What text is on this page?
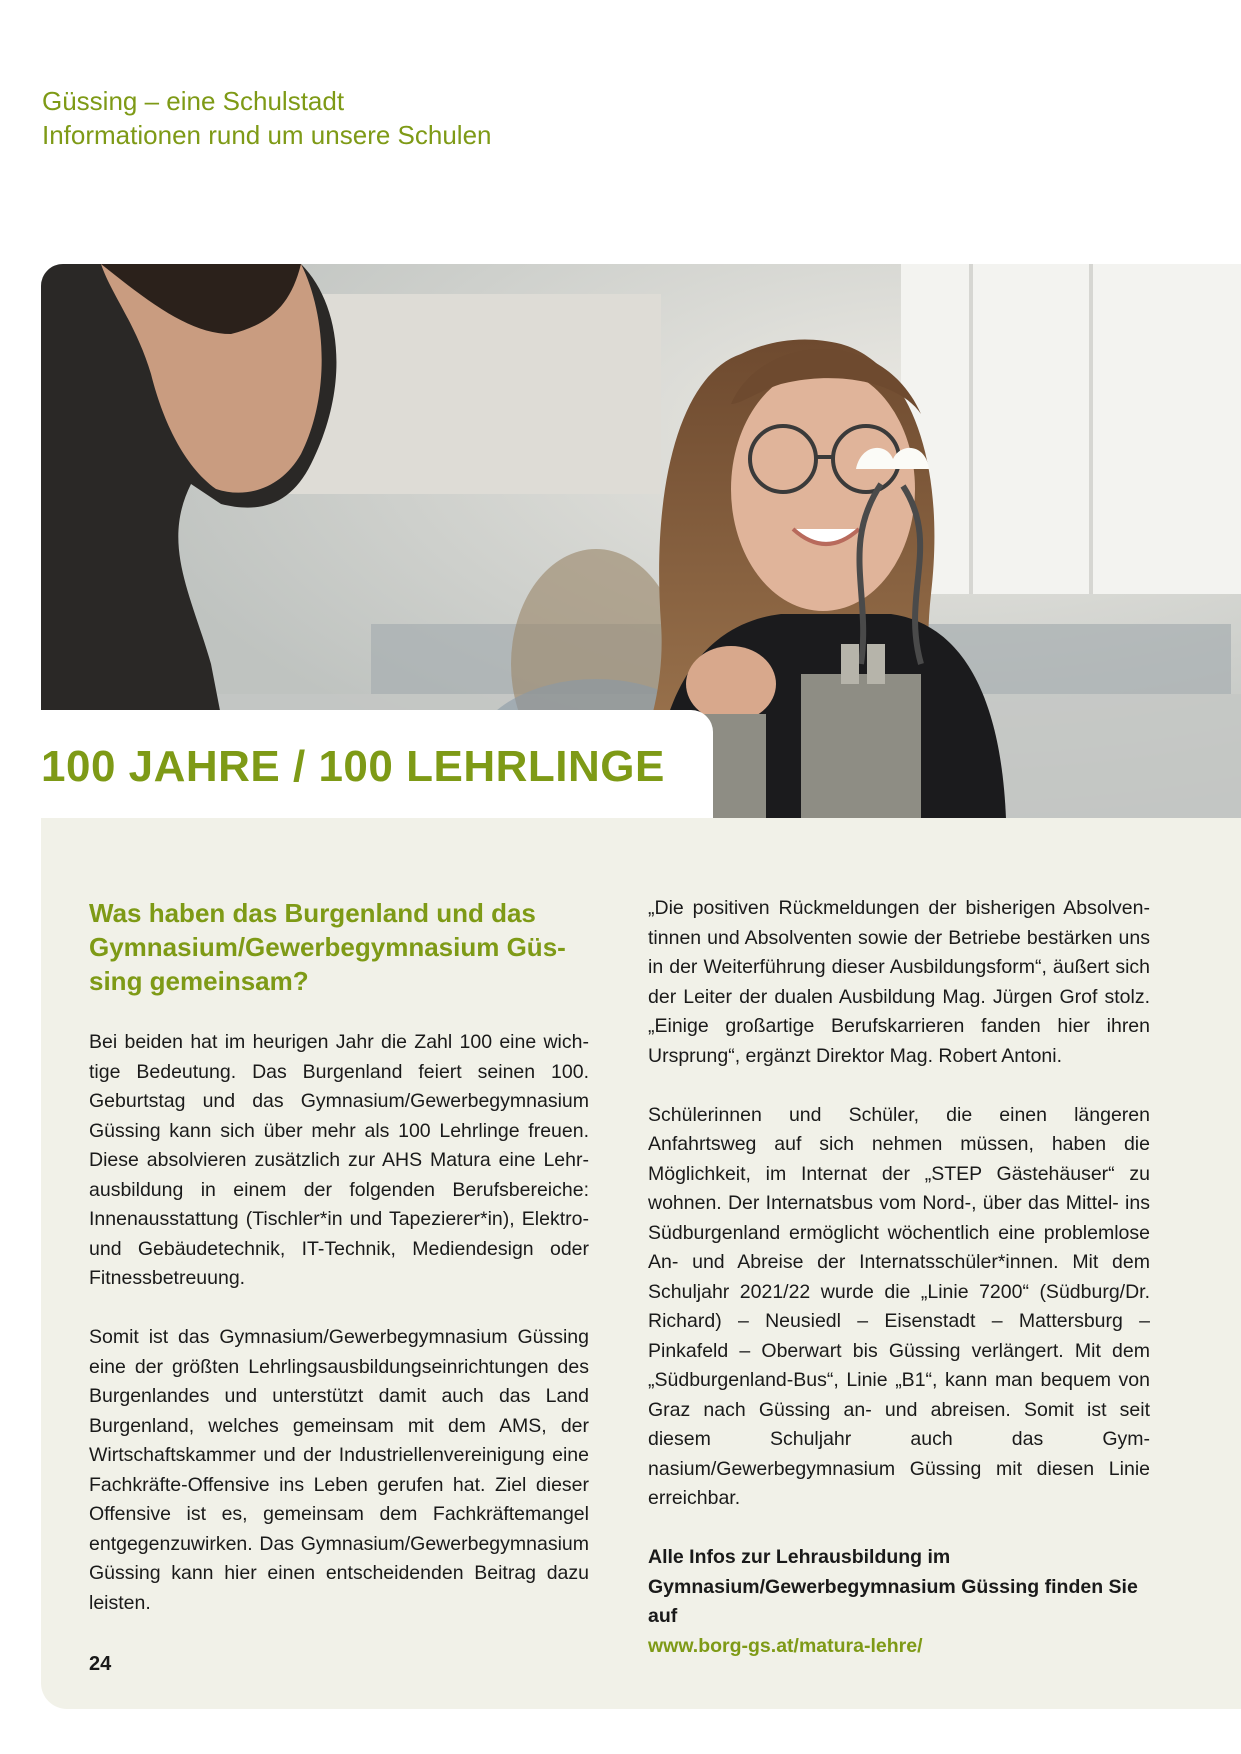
Güssing – eine Schulstadt
Informationen rund um unsere Schulen
100 JAHRE / 100 LEHRLINGE
Was haben das Burgenland und das Gymnasium/Gewerbegymnasium Güssing gemeinsam?

Bei beiden hat im heurigen Jahr die Zahl 100 eine wichtige Bedeutung. Das Burgenland feiert seinen 100. Geburtstag und das Gymnasium/Gewerbegymnasium Güssing kann sich über mehr als 100 Lehrlinge freuen. Diese absolvieren zusätzlich zur AHS Matura eine Lehrausbildung in einem der folgenden Berufsbereiche: Innenausstattung (Tischler*in und Tapezierer*in), Elektro- und Gebäudetechnik, IT-Technik, Mediendesign oder Fitnessbetreuung.

Somit ist das Gymnasium/Gewerbegymnasium Güssing eine der größten Lehrlingsausbildungseinrichtungen des Burgenlandes und unterstützt damit auch das Land Burgenland, welches gemeinsam mit dem AMS, der Wirtschaftskammer und der Industriellenvereinigung eine Fachkräfte-Offensive ins Leben gerufen hat. Ziel dieser Offensive ist es, gemeinsam dem Fachkräftemangel entgegenzuwirken. Das Gymnasium/Gewerbegymnasium Güssing kann hier einen entscheidenden Beitrag dazu leisten.

„Die positiven Rückmeldungen der bisherigen Absolventinnen und Absolventen sowie der Betriebe bestärken uns in der Weiterführung dieser Ausbildungsform“, äußert sich der Leiter der dualen Ausbildung Mag. Jürgen Grof stolz. „Einige großartige Berufskarrieren fanden hier ihren Ursprung“, ergänzt Direktor Mag. Robert Antoni.

Schülerinnen und Schüler, die einen längeren Anfahrtsweg auf sich nehmen müssen, haben die Möglichkeit, im Internat der „STEP Gästehäuser“ zu wohnen. Der Internatsbus vom Nord-, über das Mittel- ins Südburgenland ermöglicht wöchentlich eine problemlose An- und Abreise der Internatsschüler*innen. Mit dem Schuljahr 2021/22 wurde die „Linie 7200“ (Südburg/Dr. Richard) – Neusiedl – Eisenstadt – Mattersburg – Pinkafeld – Oberwart bis Güssing verlängert. Mit dem „Südburgenland-Bus“, Linie „B1“, kann man bequem von Graz nach Güssing an- und abreisen. Somit ist seit diesem Schuljahr auch das Gymnasium/Gewerbegymnasium Güssing mit diesen Linie erreichbar.

Alle Infos zur Lehrausbildung im Gymnasium/Gewerbegymnasium Güssing finden Sie auf
www.borg-gs.at/matura-lehre/
24
